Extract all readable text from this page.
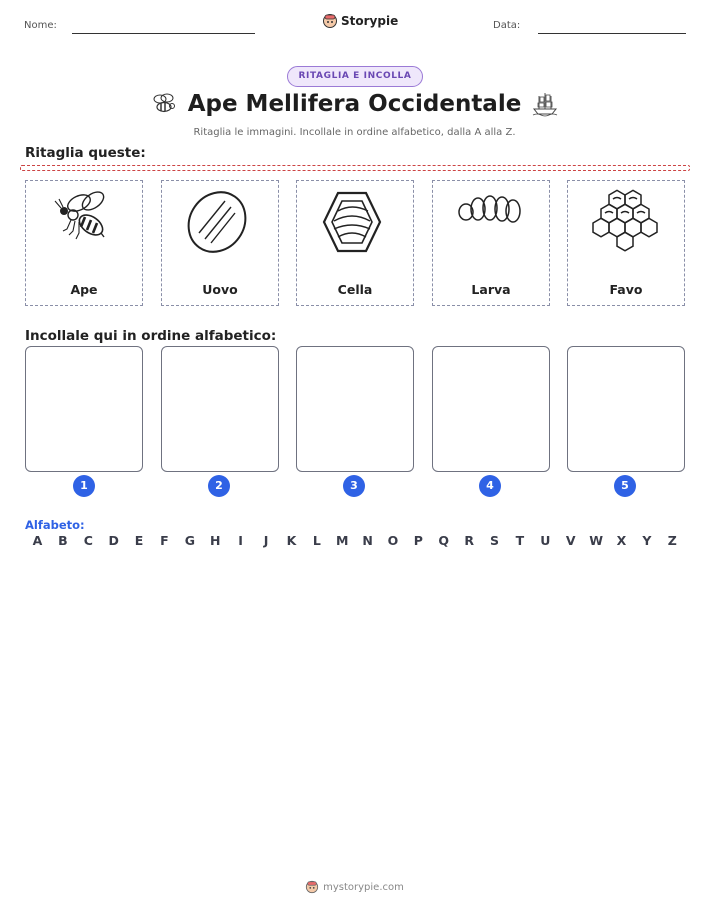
Nome:	Storypie	Data:
RITAGLIA E INCOLLA
Ape Mellifera Occidentale
Ritaglia le immagini. Incollale in ordine alfabetico, dalla A alla Z.
Ritaglia queste:
Ape	Uovo	Cella	Larva	Favo
Incollale qui in ordine alfabetico:
1	2	3	4	5
Alfabeto:
A	B	C	D	E	F	G	H	I	J	K	L	M	N	O	P	Q	R	S	T	U	V	W	X	Y	Z
mystorypie.com
